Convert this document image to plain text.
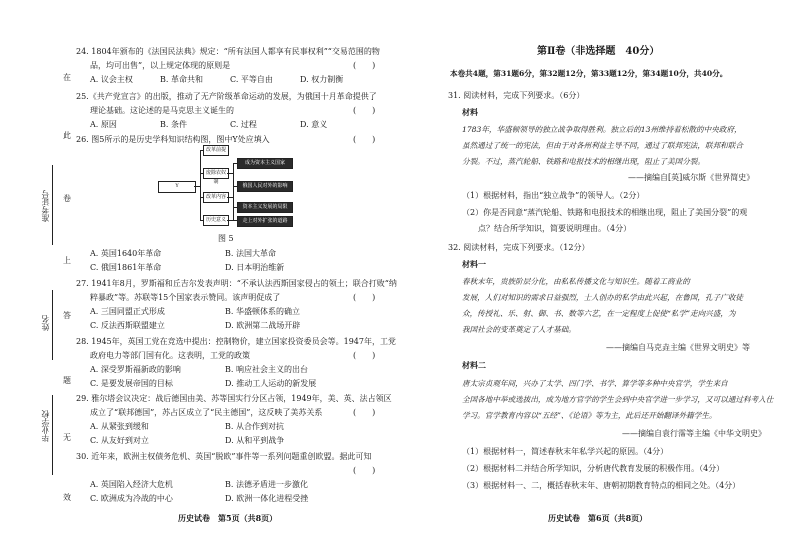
在
此
卷
上
答
题
无
效
准考证号
姓名
毕业学校
24. 1804年颁布的《法国民法典》规定：“所有法国人都享有民事权利”“交易范围的物
品，均可出售”，以上规定体现的原则是	(　　)
A. 议会主权	B. 革命共和	C. 平等自由	D. 权力制衡
25.《共产党宣言》的出版，推动了无产阶级革命运动的发展，为俄国十月革命提供了
理论基础。这论述的是马克思主义诞生的	(　　)
A. 原因	B. 条件	C. 过程	D. 意义
26. 图5所示的是历史学科知识结构图，图中Y处应填入	(　　)
Y
改革前提
废除农奴制
改革内容
历史意义
成为资本主义国家
俄国人民对外的影响
资本主义发展的局限
走上对外扩张的道路
图 5
A. 英国1640年革命	B. 法国大革命
C. 俄国1861年革命	D. 日本明治维新
27. 1941年8月，罗斯福和丘吉尔发表声明：“不承认法西斯国家侵占的领土；联合打败“纳
粹暴政”等。苏联等15个国家表示赞同。该声明促成了	(　　)
A. 三国同盟正式形成	B. 华盛顿体系的确立
C. 反法西斯联盟建立	D. 欧洲第二战场开辟
28. 1945年，英国工党在竞选中提出：控制物价，建立国家投资委员会等。1947年，工党
政府电力等部门国有化。这表明，工党的政策	(　　)
A. 深受罗斯福新政的影响	B. 响应社会主义的出台
C. 是要发展帝国的目标	D. 推动工人运动的新发展
29. 雅尔塔会议决定：战后德国由美、苏等国实行分区占领，1949年，美、英、法占领区
成立了“联邦德国”，苏占区成立了“民主德国”，这反映了美苏关系	(　　)
A. 从紧张到缓和	B. 从合作到对抗
C. 从友好到对立	D. 从和平到战争
30. 近年来，欧洲主权债务危机、英国“脱欧”事件等一系列问题重创欧盟。据此可知
(　　)
A. 英国陷入经济大危机	B. 法德矛盾进一步激化
C. 欧洲成为冷战的中心	D. 欧洲一体化进程受挫
历史试卷　第5页（共8页）
第Ⅱ卷（非选择题　40分）
本卷共4题，第31题6分，第32题12分，第33题12分，第34题10分，共40分。
31. 阅读材料，完成下列要求。（6分）
材料
1783年，华盛顿领导的独立战争取得胜利。独立后的13州维持着松散的中央政府，
虽然通过了统一的宪法，但由于对各州利益主导不同，通过了联邦宪法，联邦和联合
分裂。不过，蒸汽轮船、铁路和电报技术的相继出现，阻止了美国分裂。
——摘编自[英]威尔斯《世界简史》
（1）根据材料，指出“独立战争”的领导人。（2分）
（2）你是否同意“蒸汽轮船、铁路和电报技术的相继出现，阻止了美国分裂”的观
点？结合所学知识，简要说明理由。（4分）
32. 阅读材料，完成下列要求。（12分）
材料一
春秋末年，贵族阶层分化，由私私传播文化与知识生。随着工商业的
发展，人们对知识的需求日益强烈，士人创办的私学由此兴起，在鲁国，孔子广收徒
众，传授礼、乐、射、御、书、数等六艺，在一定程度上促使“私学”走向兴盛，为
我国社会的变革奠定了人才基础。
——摘编自马克垚主编《世界文明史》等
材料二
唐太宗贞观年间，兴办了太学、四门学、书学、算学等多种中央官学，学生来自
全国各地中举或选拔出，成为地方官学的学生会到中央官学进一步学习，又可以通过科考入仕
学习。官学教育内容以“五经”、《论语》等为主，此后还开始翻译外籍学生。
——摘编自袁行霈等主编《中华文明史》
（1）根据材料一，简述春秋末年私学兴起的原因。（4分）
（2）根据材料二并结合所学知识，分析唐代教育发展的积极作用。（4分）
（3）根据材料一、二，概括春秋末年、唐朝初期教育特点的相同之处。（4分）
历史试卷　第6页（共8页）
